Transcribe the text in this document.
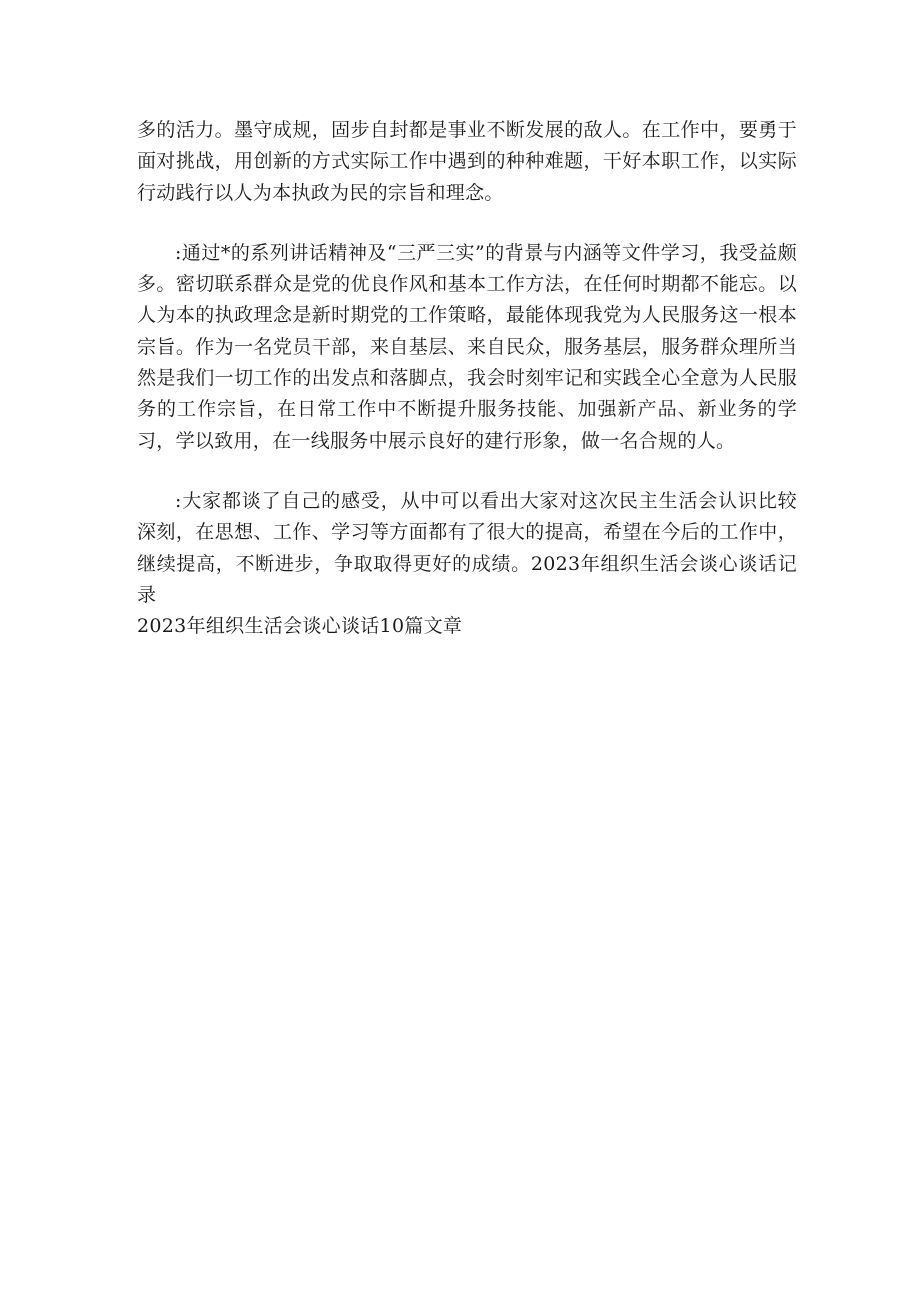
多的活力。墨守成规，固步自封都是事业不断发展的敌人。在工作中，要勇于面对挑战，用创新的方式实际工作中遇到的种种难题，干好本职工作，以实际行动践行以人为本执政为民的宗旨和理念。

:通过*的系列讲话精神及“三严三实”的背景与内涵等文件学习，我受益颇多。密切联系群众是党的优良作风和基本工作方法，在任何时期都不能忘。以人为本的执政理念是新时期党的工作策略，最能体现我党为人民服务这一根本宗旨。作为一名党员干部，来自基层、来自民众，服务基层，服务群众理所当然是我们一切工作的出发点和落脚点，我会时刻牢记和实践全心全意为人民服务的工作宗旨，在日常工作中不断提升服务技能、加强新产品、新业务的学习，学以致用，在一线服务中展示良好的建行形象，做一名合规的人。

:大家都谈了自己的感受，从中可以看出大家对这次民主生活会认识比较深刻，在思想、工作、学习等方面都有了很大的提高，希望在今后的工作中，继续提高，不断进步，争取取得更好的成绩。2023年组织生活会谈心谈话记录

2023年组织生活会谈心谈话10篇文章
